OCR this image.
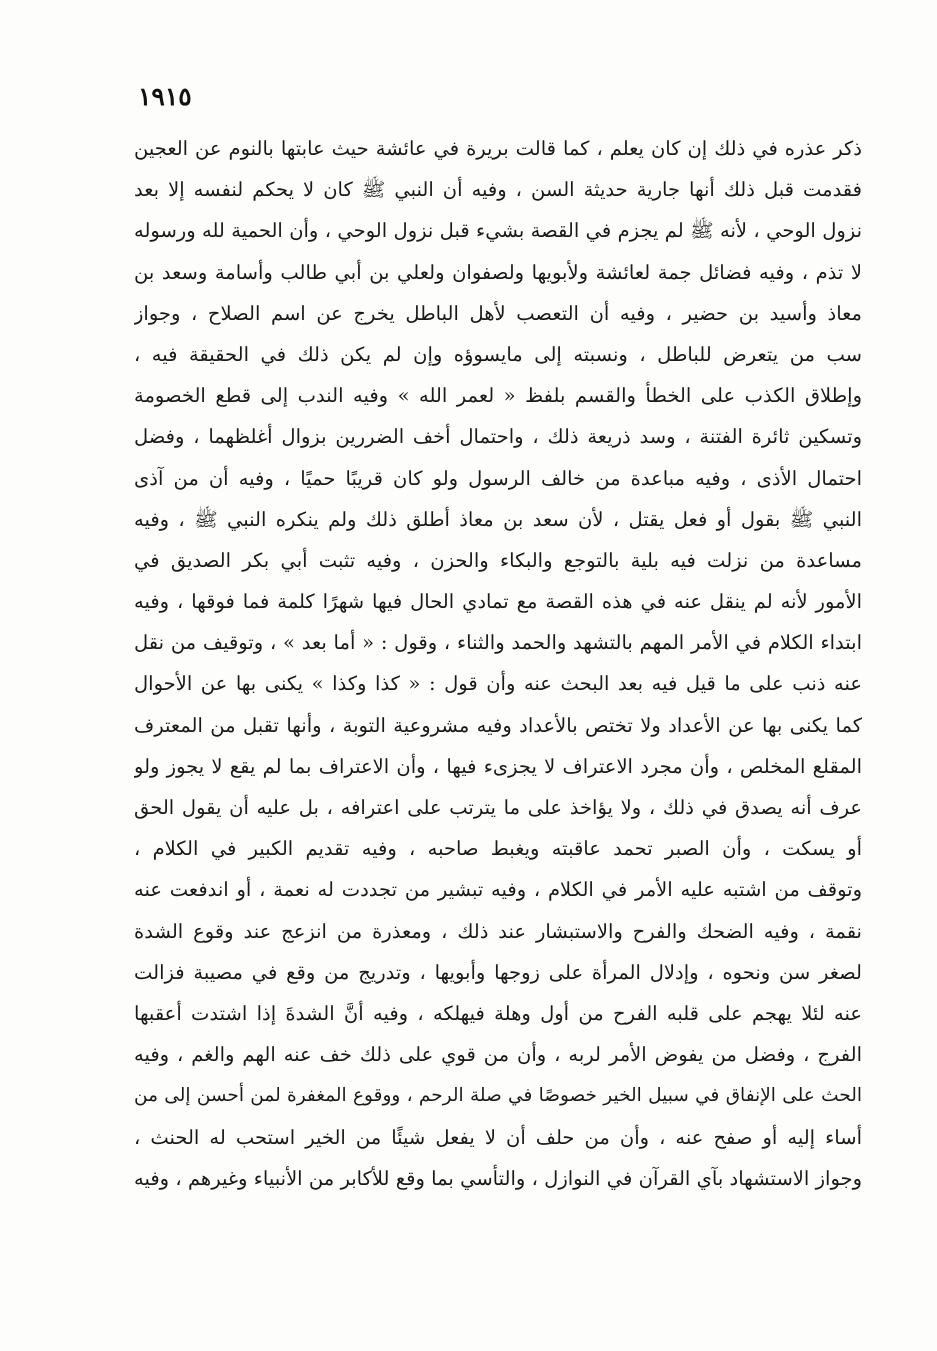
١٩١٥
ذكر عذره في ذلك إن كان يعلم ، كما قالت بريرة في عائشة حيث عابتها بالنوم عن العجين
فقدمت قبل ذلك أنها جارية حديثة السن ، وفيه أن النبي ﷺ كان لا يحكم لنفسه إلا بعد
نزول الوحي ، لأنه ﷺ لم يجزم في القصة بشيء قبل نزول الوحي ، وأن الحمية لله ورسوله
لا تذم ، وفيه فضائل جمة لعائشة ولأبويها ولصفوان ولعلي بن أبي طالب وأسامة وسعد بن
معاذ وأسيد بن حضير ، وفيه أن التعصب لأهل الباطل يخرج عن اسم الصلاح ، وجواز
سب من يتعرض للباطل ، ونسبته إلى مايسوؤه وإن لم يكن ذلك في الحقيقة فيه ،
وإطلاق الكذب على الخطأ والقسم بلفظ « لعمر الله » وفيه الندب إلى قطع الخصومة
وتسكين ثائرة الفتنة ، وسد ذريعة ذلك ، واحتمال أخف الضررين بزوال أغلظهما ، وفضل
احتمال الأذى ، وفيه مباعدة من خالف الرسول ولو كان قريبًا حميًا ، وفيه أن من آذى
النبي ﷺ بقول أو فعل يقتل ، لأن سعد بن معاذ أطلق ذلك ولم ينكره النبي ﷺ ، وفيه
مساعدة من نزلت فيه بلية بالتوجع والبكاء والحزن ، وفيه تثبت أبي بكر الصديق في
الأمور لأنه لم ينقل عنه في هذه القصة مع تمادي الحال فيها شهرًا كلمة فما فوقها ، وفيه
ابتداء الكلام في الأمر المهم بالتشهد والحمد والثناء ، وقول : « أما بعد » ، وتوقيف من نقل
عنه ذنب على ما قيل فيه بعد البحث عنه وأن قول : « كذا وكذا » يكنى بها عن الأحوال
كما يكنى بها عن الأعداد ولا تختص بالأعداد وفيه مشروعية التوبة ، وأنها تقبل من المعترف
المقلع المخلص ، وأن مجرد الاعتراف لا يجزىء فيها ، وأن الاعتراف بما لم يقع لا يجوز ولو
عرف أنه يصدق في ذلك ، ولا يؤاخذ على ما يترتب على اعترافه ، بل عليه أن يقول الحق
أو يسكت ، وأن الصبر تحمد عاقبته ويغبط صاحبه ، وفيه تقديم الكبير في الكلام ،
وتوقف من اشتبه عليه الأمر في الكلام ، وفيه تبشير من تجددت له نعمة ، أو اندفعت عنه
نقمة ، وفيه الضحك والفرح والاستبشار عند ذلك ، ومعذرة من انزعج عند وقوع الشدة
لصغر سن ونحوه ، وإدلال المرأة على زوجها وأبويها ، وتدريج من وقع في مصيبة فزالت
عنه لئلا يهجم على قلبه الفرح من أول وهلة فيهلكه ، وفيه أنَّ الشدةَ إذا اشتدت أعقبها
الفرج ، وفضل من يفوض الأمر لربه ، وأن من قوي على ذلك خف عنه الهم والغم ، وفيه
الحث على الإنفاق في سبيل الخير خصوصًا في صلة الرحم ، ووقوع المغفرة لمن أحسن إلى من
أساء إليه أو صفح عنه ، وأن من حلف أن لا يفعل شيئًا من الخير استحب له الحنث ،
وجواز الاستشهاد بآي القرآن في النوازل ، والتأسي بما وقع للأكابر من الأنبياء وغيرهم ، وفيه
